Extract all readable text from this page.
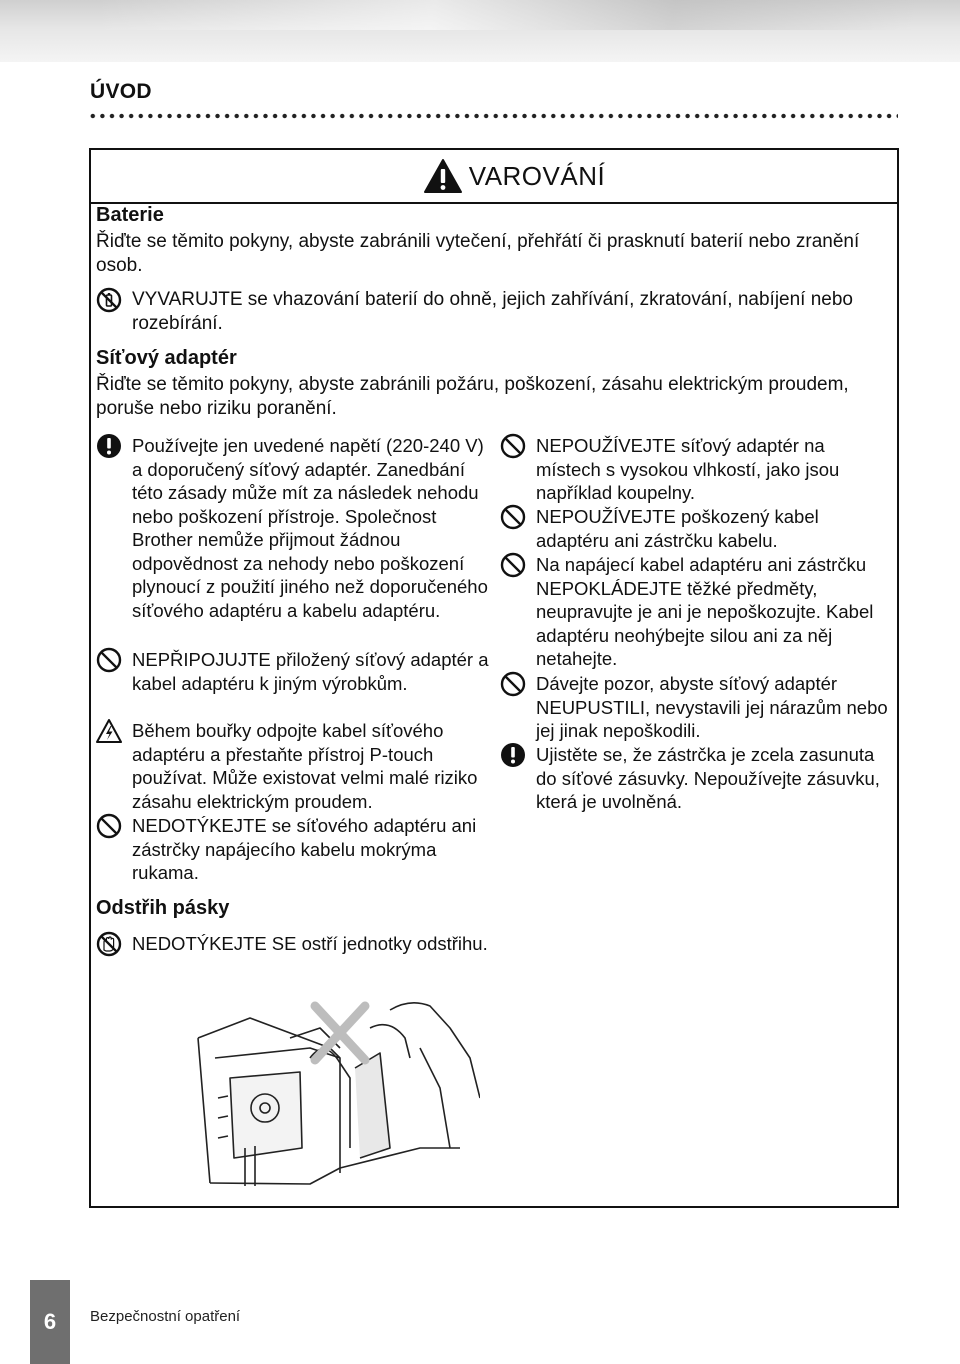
ÚVOD
VAROVÁNÍ
Baterie
Řiďte se těmito pokyny, abyste zabránili vytečení, přehřátí či prasknutí baterií nebo zranění osob.
VYVARUJTE se vhazování baterií do ohně, jejich zahřívání, zkratování, nabíjení nebo rozebírání.
Síťový adaptér
Řiďte se těmito pokyny, abyste zabránili požáru, poškození, zásahu elektrickým proudem, poruše nebo riziku poranění.
Používejte jen uvedené napětí (220-240 V) a doporučený síťový adaptér. Zanedbání této zásady může mít za následek nehodu nebo poškození přístroje. Společnost Brother nemůže přijmout žádnou odpovědnost za nehody nebo poškození plynoucí z použití jiného než doporučeného síťového adaptéru a kabelu adaptéru.
NEPŘIPOJUJTE přiložený síťový adaptér a kabel adaptéru k jiným výrobkům.
Během bouřky odpojte kabel síťového adaptéru a přestaňte přístroj P-touch používat. Může existovat velmi malé riziko zásahu elektrickým proudem.
NEDOTÝKEJTE se síťového adaptéru ani zástrčky napájecího kabelu mokrýma rukama.
NEPOUŽÍVEJTE síťový adaptér na místech s vysokou vlhkostí, jako jsou například koupelny.
NEPOUŽÍVEJTE poškozený kabel adaptéru ani zástrčku kabelu.
Na napájecí kabel adaptéru ani zástrčku NEPOKLÁDEJTE těžké předměty, neupravujte je ani je nepoškozujte. Kabel adaptéru neohýbejte silou ani za něj netahejte.
Dávejte pozor, abyste síťový adaptér NEUPUSTILI, nevystavili jej nárazům nebo jej jinak nepoškodili.
Ujistěte se, že zástrčka je zcela zasunuta do síťové zásuvky. Nepoužívejte zásuvku, která je uvolněná.
Odstřih pásky
NEDOTÝKEJTE SE ostří jednotky odstřihu.
6	Bezpečnostní opatření
